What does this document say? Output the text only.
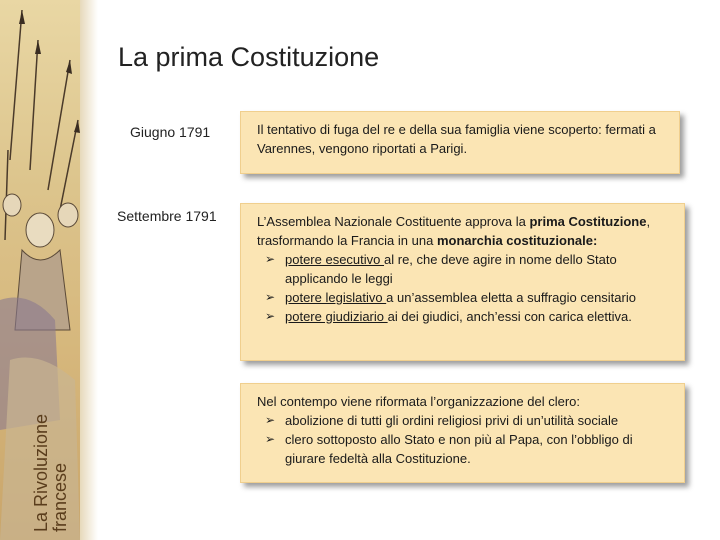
La Rivoluzione francese
La prima Costituzione
Giugno 1791	Il tentativo di fuga del re e della sua famiglia viene scoperto: fermati a Varennes, vengono riportati a Parigi.

Settembre 1791	L’Assemblea Nazionale Costituente approva la prima Costituzione, trasformando la Francia in una monarchia costituzionale:

➢ potere esecutivo al re, che deve agire in nome dello Stato applicando le leggi
➢ potere legislativo a un’assemblea eletta a suffragio censitario
➢ potere giudiziario ai dei giudici, anch’essi con carica elettiva.

Nel contempo viene riformata l’organizzazione del clero:

➢ abolizione di tutti gli ordini religiosi privi di un’utilità sociale
➢ clero sottoposto allo Stato e non più al Papa, con l’obbligo di giurare fedeltà alla Costituzione.
